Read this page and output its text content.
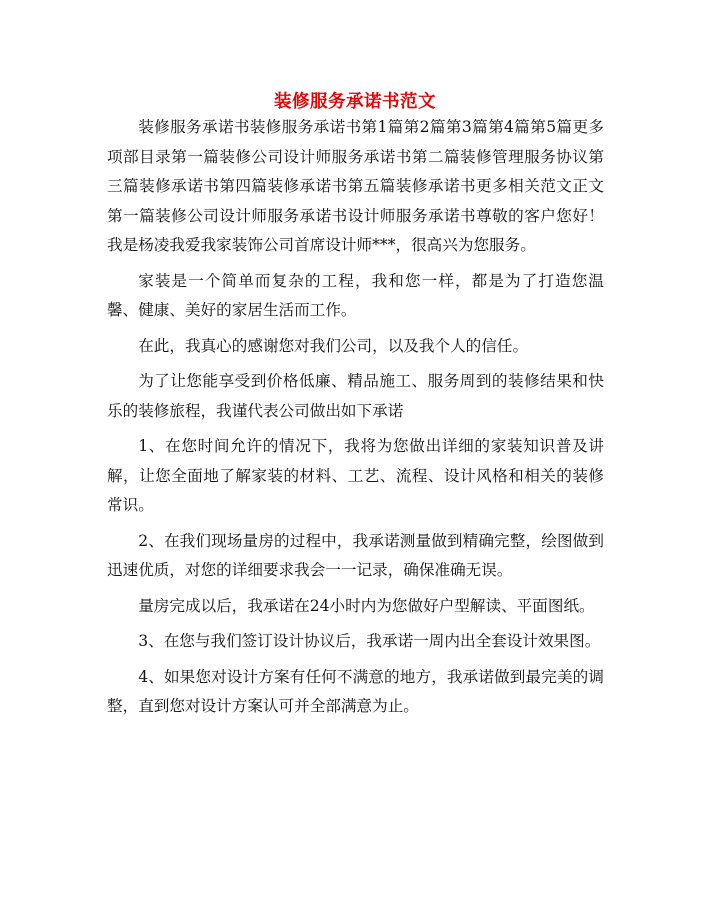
装修服务承诺书范文

装修服务承诺书装修服务承诺书第1篇第2篇第3篇第4篇第5篇更多项部目录第一篇装修公司设计师服务承诺书第二篇装修管理服务协议第三篇装修承诺书第四篇装修承诺书第五篇装修承诺书更多相关范文正文第一篇装修公司设计师服务承诺书设计师服务承诺书尊敬的客户您好！我是杨凌我爱我家装饰公司首席设计师***，很高兴为您服务。

家装是一个简单而复杂的工程，我和您一样，都是为了打造您温馨、健康、美好的家居生活而工作。

在此，我真心的感谢您对我们公司，以及我个人的信任。

为了让您能享受到价格低廉、精品施工、服务周到的装修结果和快乐的装修旅程，我谨代表公司做出如下承诺

1、在您时间允许的情况下，我将为您做出详细的家装知识普及讲解，让您全面地了解家装的材料、工艺、流程、设计风格和相关的装修常识。

2、在我们现场量房的过程中，我承诺测量做到精确完整，绘图做到迅速优质，对您的详细要求我会一一记录，确保准确无误。

量房完成以后，我承诺在24小时内为您做好户型解读、平面图纸。

3、在您与我们签订设计协议后，我承诺一周内出全套设计效果图。

4、如果您对设计方案有任何不满意的地方，我承诺做到最完美的调整，直到您对设计方案认可并全部满意为止。
